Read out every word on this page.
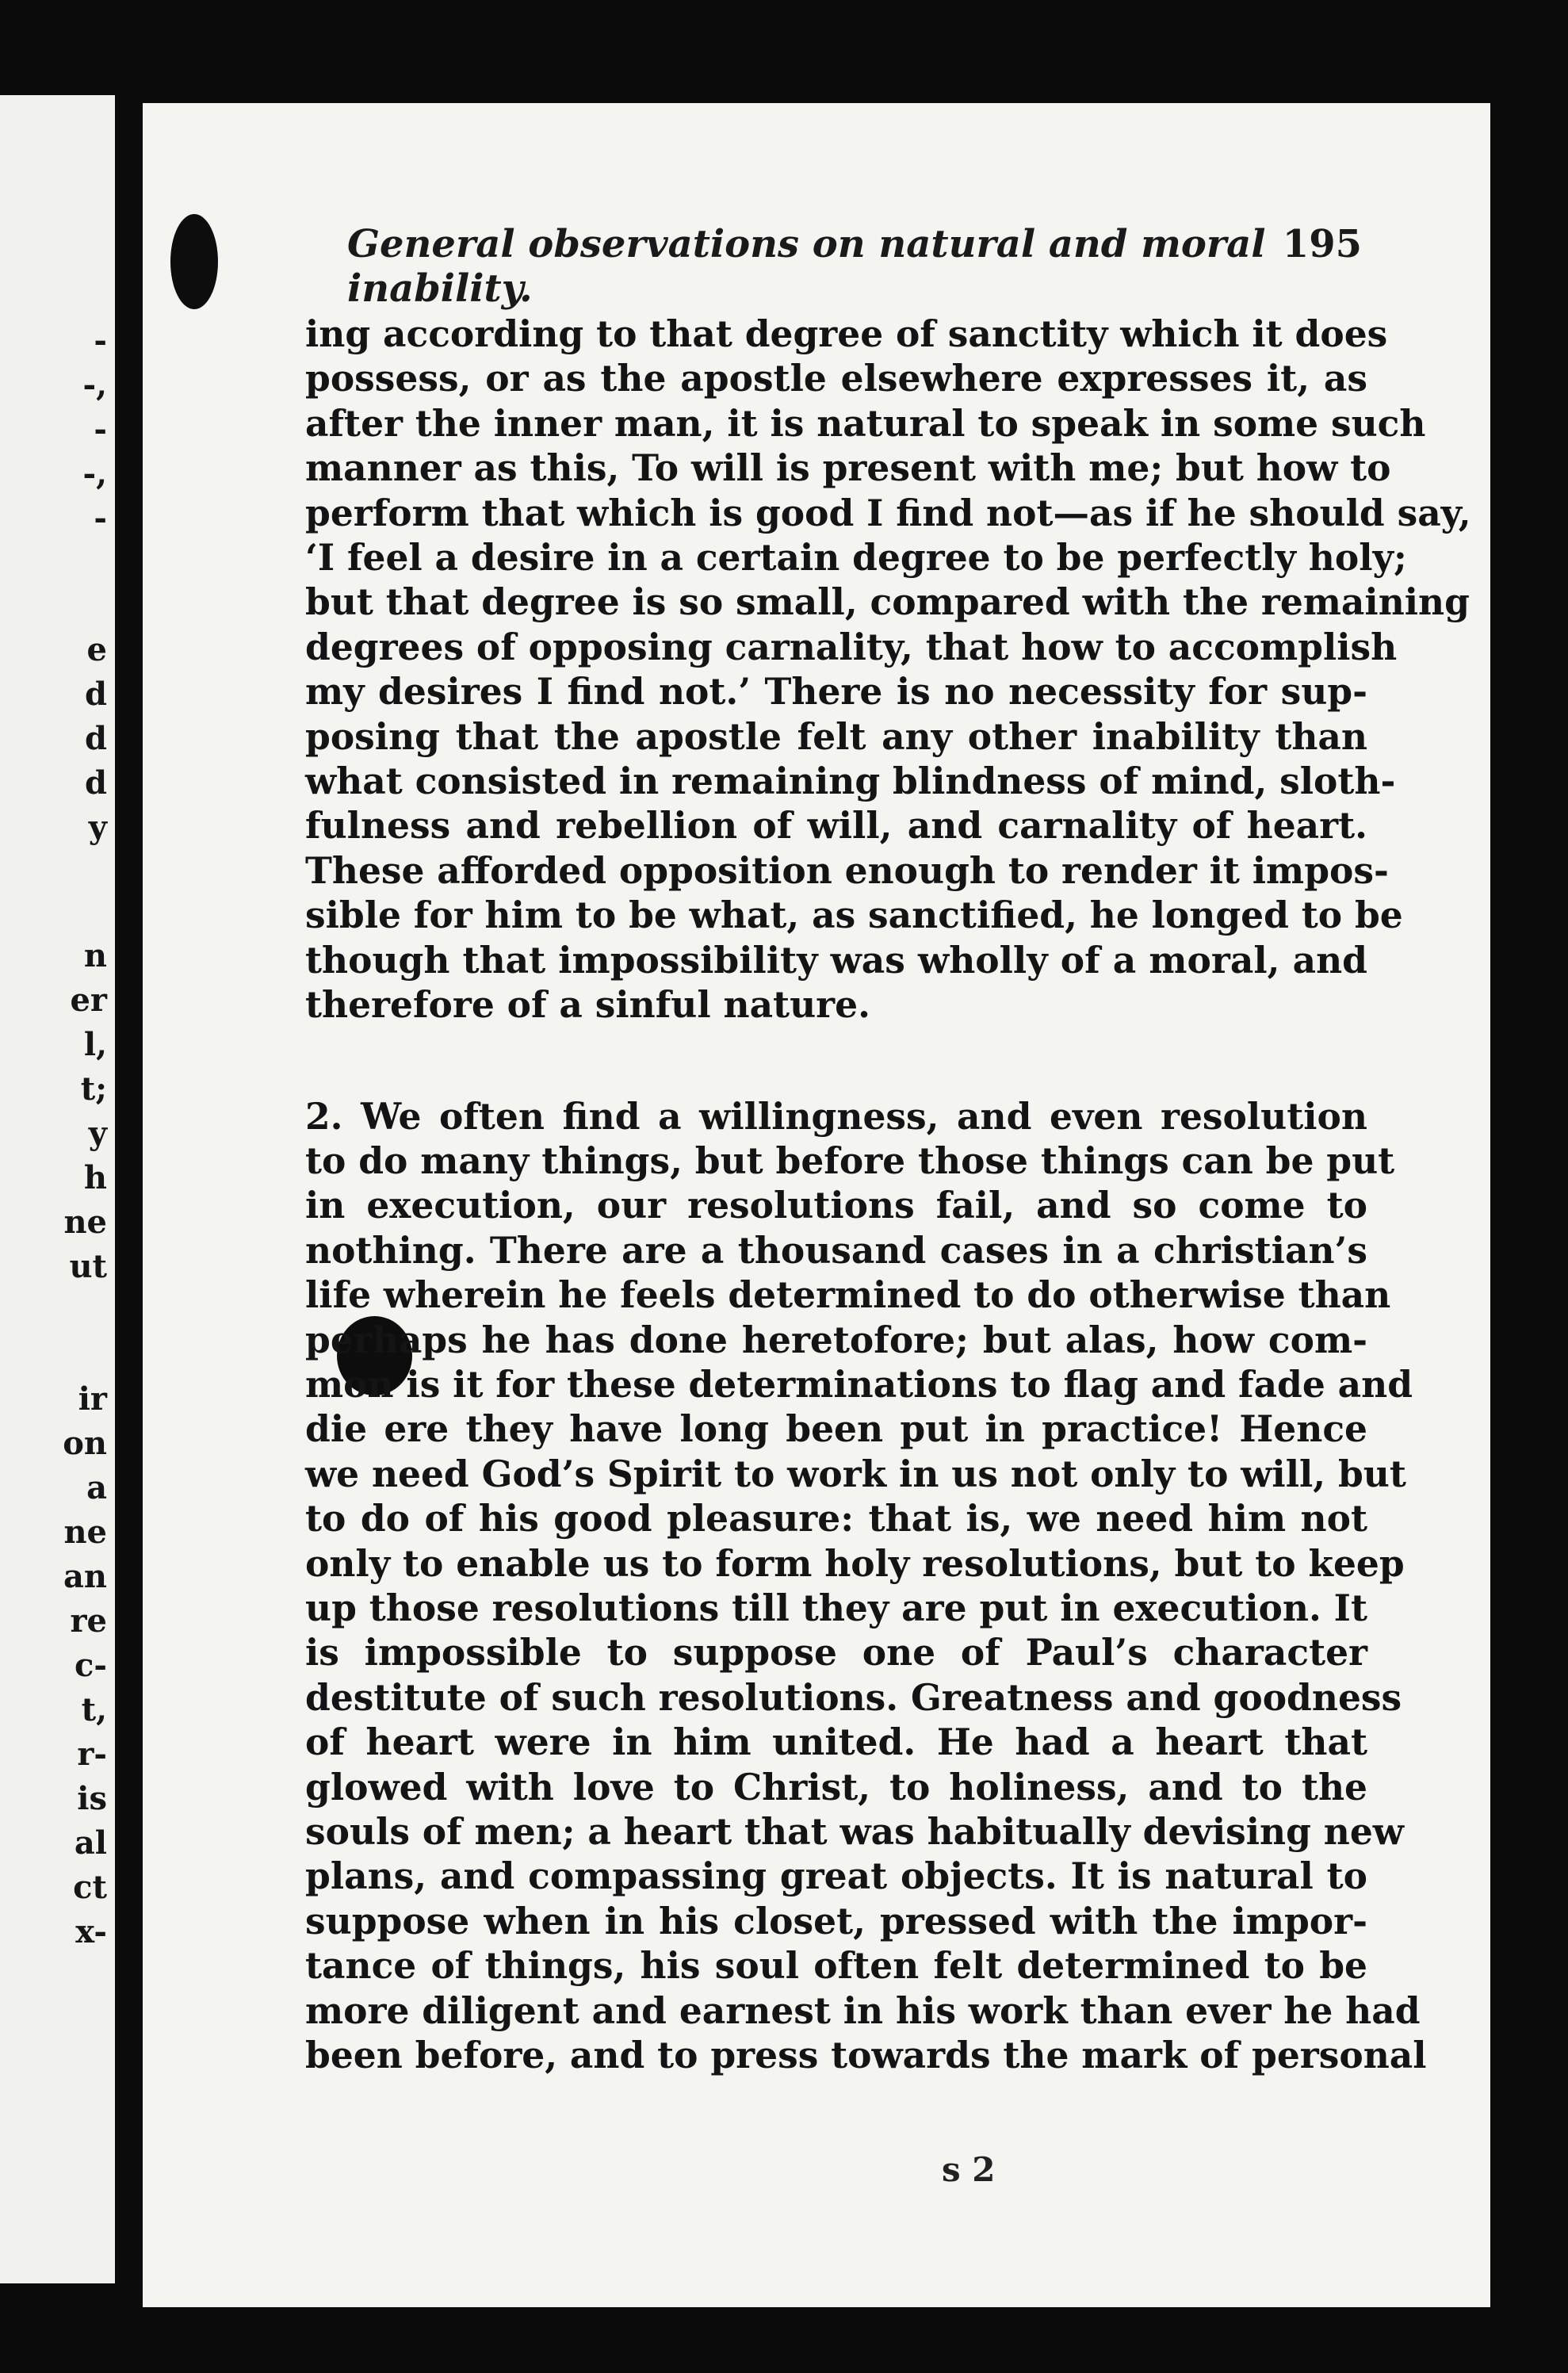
-
-,
-
-,
-
e
d
d
d
y
n
er
l,
t;
y
h
ne
ut
ir
on
a
ne
an
re
c-
t,
r-
is
al
ct
x-
General observations on natural and moral inability.
195
ing according to that degree of sanctity which it does
possess, or as the apostle elsewhere expresses it, as
after the inner man, it is natural to speak in some such
manner as this, To will is present with me; but how to
perform that which is good I find not—as if he should say,
‘I feel a desire in a certain degree to be perfectly holy;
but that degree is so small, compared with the remaining
degrees of opposing carnality, that how to accomplish
my desires I find not.’ There is no necessity for sup-
posing that the apostle felt any other inability than
what consisted in remaining blindness of mind, sloth-
fulness and rebellion of will, and carnality of heart.
These afforded opposition enough to render it impos-
sible for him to be what, as sanctified, he longed to be
though that impossibility was wholly of a moral, and
therefore of a sinful nature.
2. We often find a willingness, and even resolution
to do many things, but before those things can be put
in execution, our resolutions fail, and so come to
nothing. There are a thousand cases in a christian’s
life wherein he feels determined to do otherwise than
perhaps he has done heretofore; but alas, how com-
mon is it for these determinations to flag and fade and
die ere they have long been put in practice! Hence
we need God’s Spirit to work in us not only to will, but
to do of his good pleasure: that is, we need him not
only to enable us to form holy resolutions, but to keep
up those resolutions till they are put in execution. It
is impossible to suppose one of Paul’s character
destitute of such resolutions. Greatness and goodness
of heart were in him united. He had a heart that
glowed with love to Christ, to holiness, and to the
souls of men; a heart that was habitually devising new
plans, and compassing great objects. It is natural to
suppose when in his closet, pressed with the impor-
tance of things, his soul often felt determined to be
more diligent and earnest in his work than ever he had
been before, and to press towards the mark of personal
s 2
